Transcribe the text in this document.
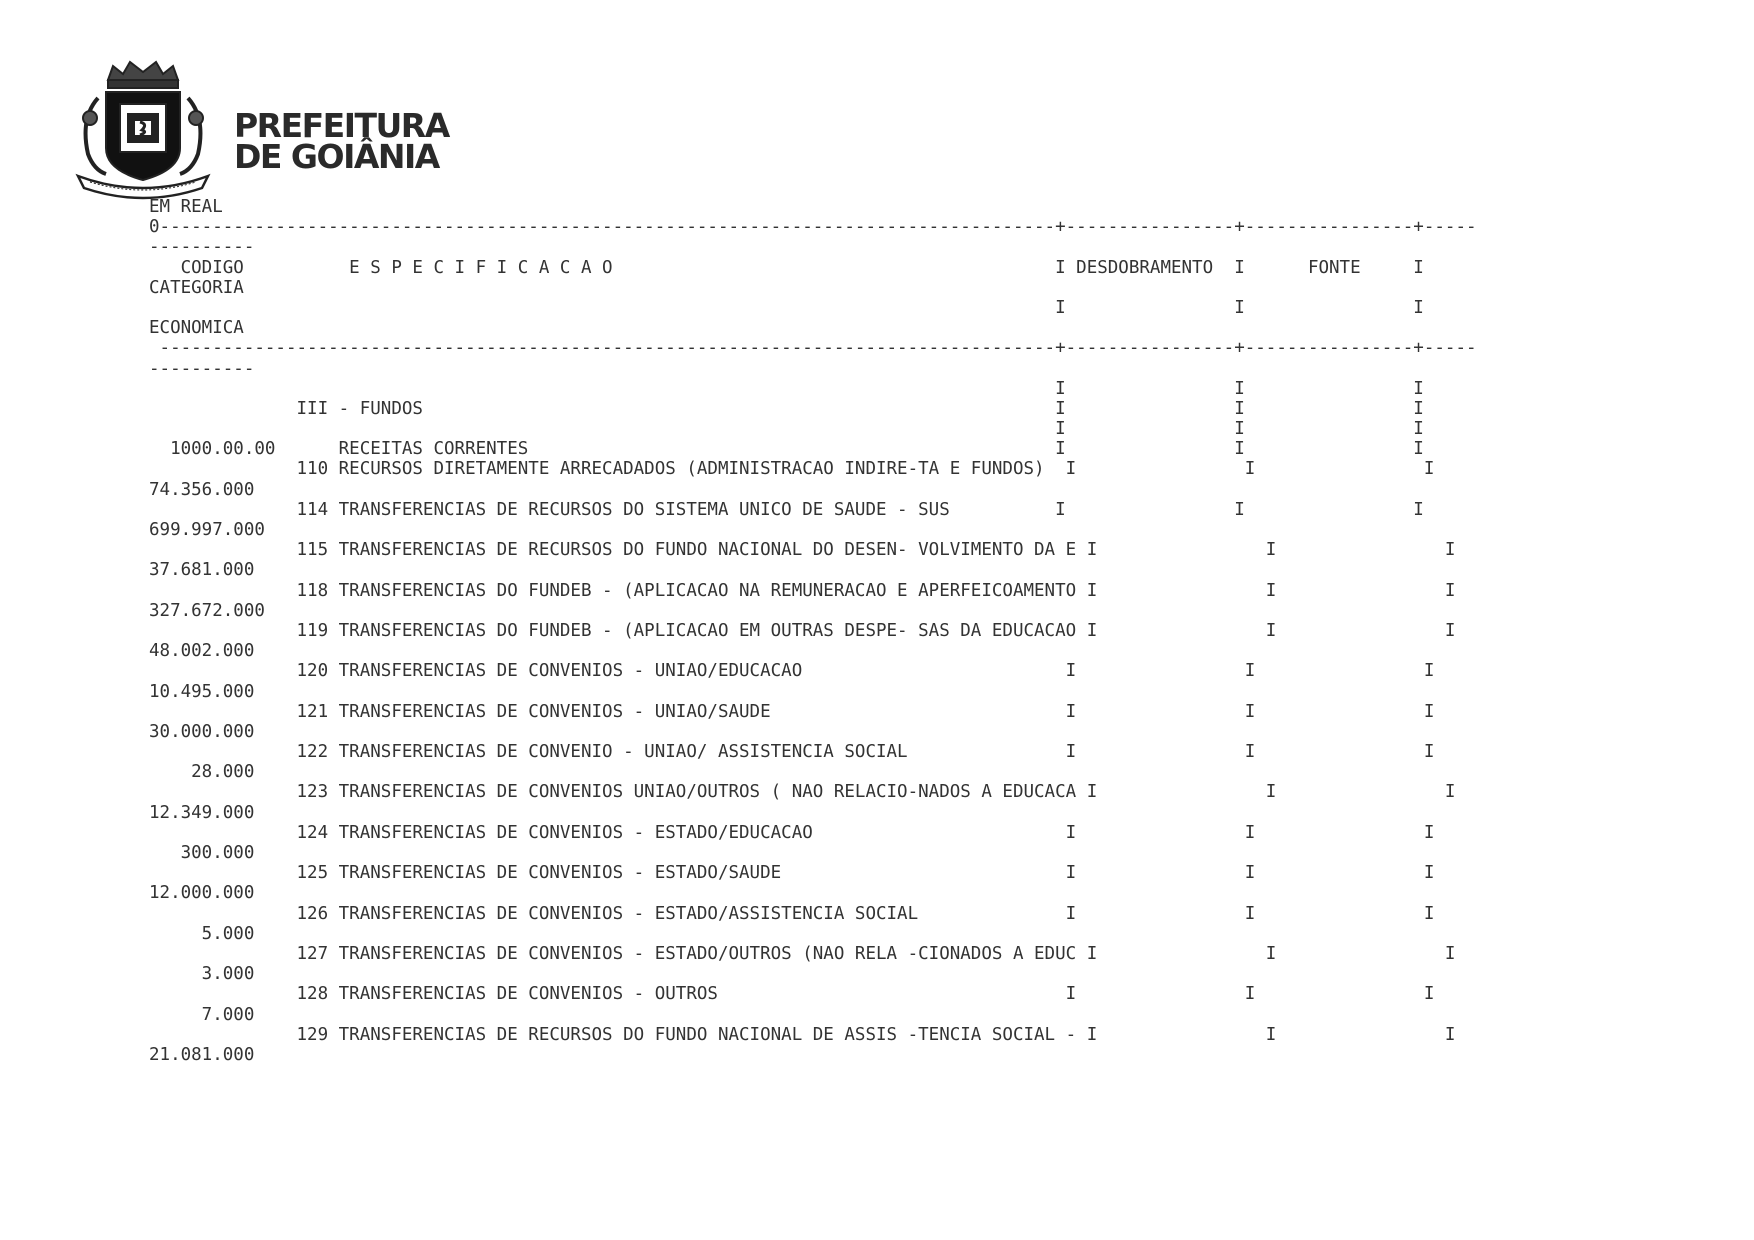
PREFEITURA
DE GOIÂNIA
EM REAL
0-------------------------------------------------------------------------------------+----------------+----------------+-----
----------
CODIGO          E S P E C I F I C A C A O                                          I DESDOBRAMENTO  I      FONTE     I
CATEGORIA
I                I                I
ECONOMICA
-------------------------------------------------------------------------------------+----------------+----------------+-----
----------
I                I                I
III - FUNDOS                                                            I                I                I
I                I                I
1000.00.00      RECEITAS CORRENTES                                                  I                I                I
110 RECURSOS DIRETAMENTE ARRECADADOS (ADMINISTRACAO INDIRE-TA E FUNDOS)  I                I                I
74.356.000
114 TRANSFERENCIAS DE RECURSOS DO SISTEMA UNICO DE SAUDE - SUS          I                I                I
699.997.000
115 TRANSFERENCIAS DE RECURSOS DO FUNDO NACIONAL DO DESEN- VOLVIMENTO DA E I                I                I
37.681.000
118 TRANSFERENCIAS DO FUNDEB - (APLICACAO NA REMUNERACAO E APERFEICOAMENTO I                I                I
327.672.000
119 TRANSFERENCIAS DO FUNDEB - (APLICACAO EM OUTRAS DESPE- SAS DA EDUCACAO I                I                I
48.002.000
120 TRANSFERENCIAS DE CONVENIOS - UNIAO/EDUCACAO                         I                I                I
10.495.000
121 TRANSFERENCIAS DE CONVENIOS - UNIAO/SAUDE                            I                I                I
30.000.000
122 TRANSFERENCIAS DE CONVENIO - UNIAO/ ASSISTENCIA SOCIAL               I                I                I
28.000
123 TRANSFERENCIAS DE CONVENIOS UNIAO/OUTROS ( NAO RELACIO-NADOS A EDUCACA I                I                I
12.349.000
124 TRANSFERENCIAS DE CONVENIOS - ESTADO/EDUCACAO                        I                I                I
300.000
125 TRANSFERENCIAS DE CONVENIOS - ESTADO/SAUDE                           I                I                I
12.000.000
126 TRANSFERENCIAS DE CONVENIOS - ESTADO/ASSISTENCIA SOCIAL              I                I                I
5.000
127 TRANSFERENCIAS DE CONVENIOS - ESTADO/OUTROS (NAO RELA -CIONADOS A EDUC I                I                I
3.000
128 TRANSFERENCIAS DE CONVENIOS - OUTROS                                 I                I                I
7.000
129 TRANSFERENCIAS DE RECURSOS DO FUNDO NACIONAL DE ASSIS -TENCIA SOCIAL - I                I                I
21.081.000
